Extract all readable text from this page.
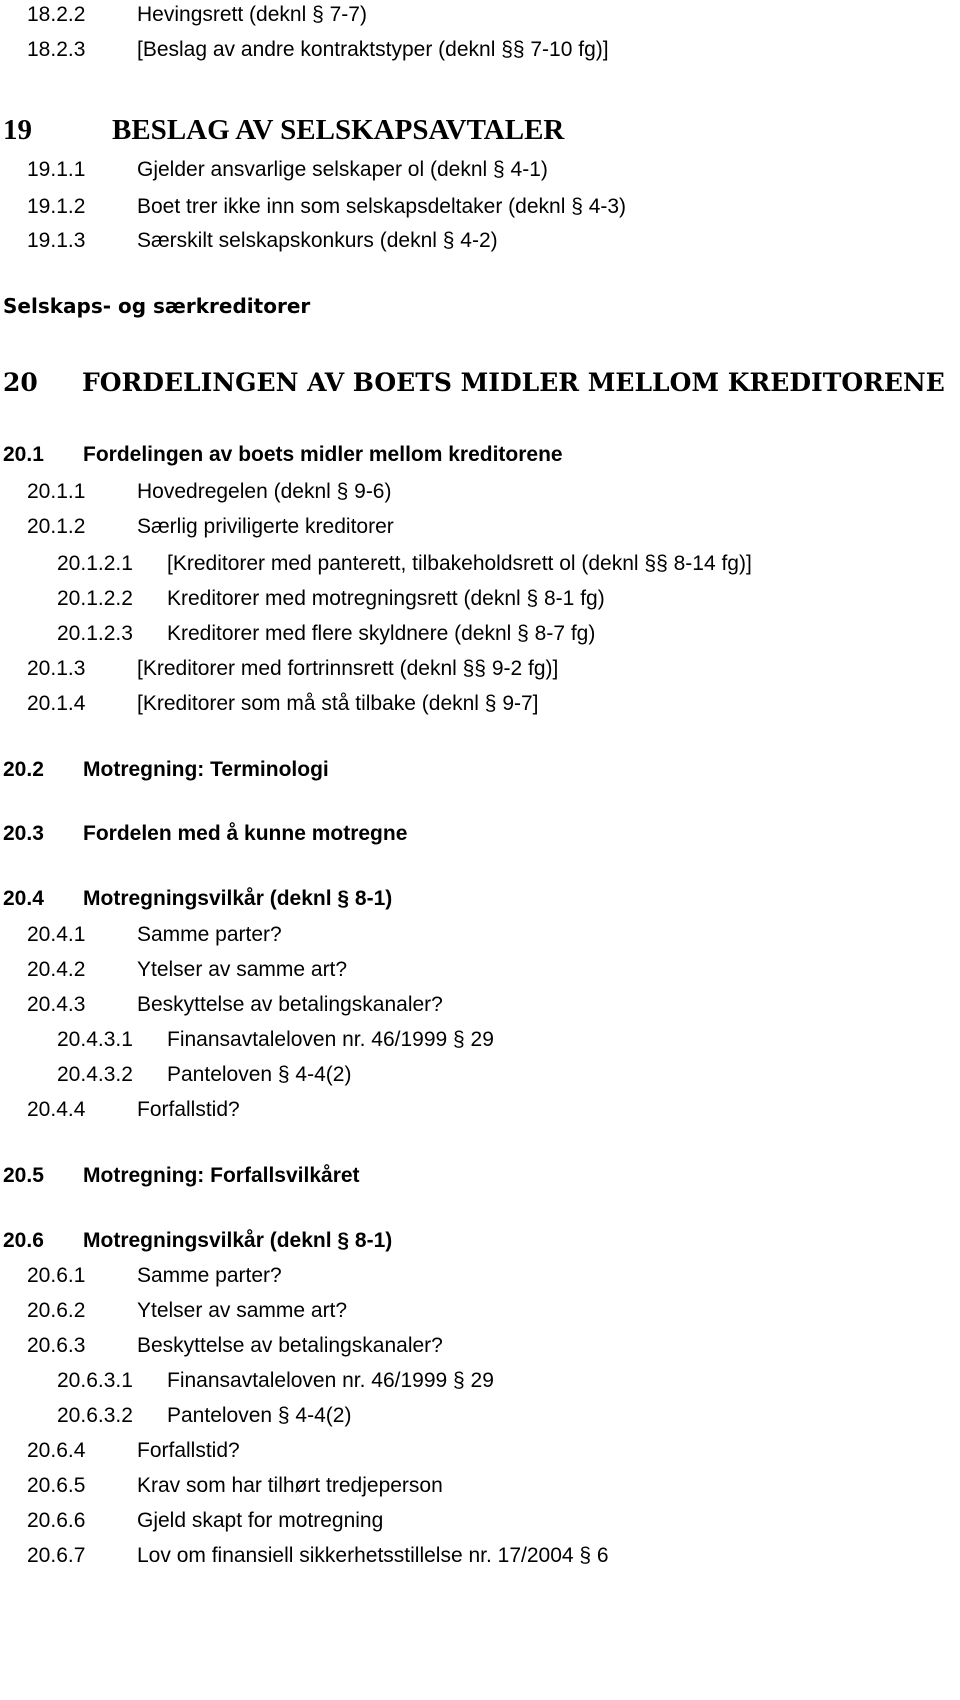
18.2.2 Hevingsrett (deknl § 7-7)
18.2.3 [Beslag av andre kontraktstyper (deknl §§ 7-10 fg)]
19	BESLAG AV SELSKAPSAVTALER
19.1.1 Gjelder ansvarlige selskaper ol (deknl § 4-1)
19.1.2 Boet trer ikke inn som selskapsdeltaker (deknl § 4-3)
19.1.3 Særskilt selskapskonkurs (deknl § 4-2)
Selskaps- og særkreditorer
20 FORDELINGEN AV BOETS MIDLER MELLOM KREDITORENE
20.1 Fordelingen av boets midler mellom kreditorene
20.1.1 Hovedregelen (deknl § 9-6)
20.1.2 Særlig priviligerte kreditorer
20.1.2.1 [Kreditorer med panterett, tilbakeholdsrett ol (deknl §§ 8-14 fg)]
20.1.2.2 Kreditorer med motregningsrett (deknl § 8-1 fg)
20.1.2.3 Kreditorer med flere skyldnere (deknl § 8-7 fg)
20.1.3 [Kreditorer med fortrinnsrett (deknl §§ 9-2 fg)]
20.1.4 [Kreditorer som må stå tilbake (deknl § 9-7]
20.2 Motregning: Terminologi
20.3 Fordelen med å kunne motregne
20.4 Motregningsvilkår (deknl § 8-1)
20.4.1 Samme parter?
20.4.2 Ytelser av samme art?
20.4.3 Beskyttelse av betalingskanaler?
20.4.3.1 Finansavtaleloven nr. 46/1999 § 29
20.4.3.2 Panteloven § 4-4(2)
20.4.4 Forfallstid?
20.5 Motregning: Forfallsvilkåret
20.6 Motregningsvilkår (deknl § 8-1)
20.6.1 Samme parter?
20.6.2 Ytelser av samme art?
20.6.3 Beskyttelse av betalingskanaler?
20.6.3.1 Finansavtaleloven nr. 46/1999 § 29
20.6.3.2 Panteloven § 4-4(2)
20.6.4 Forfallstid?
20.6.5 Krav som har tilhørt tredjeperson
20.6.6 Gjeld skapt for motregning
20.6.7 Lov om finansiell sikkerhetsstillelse nr. 17/2004 § 6
